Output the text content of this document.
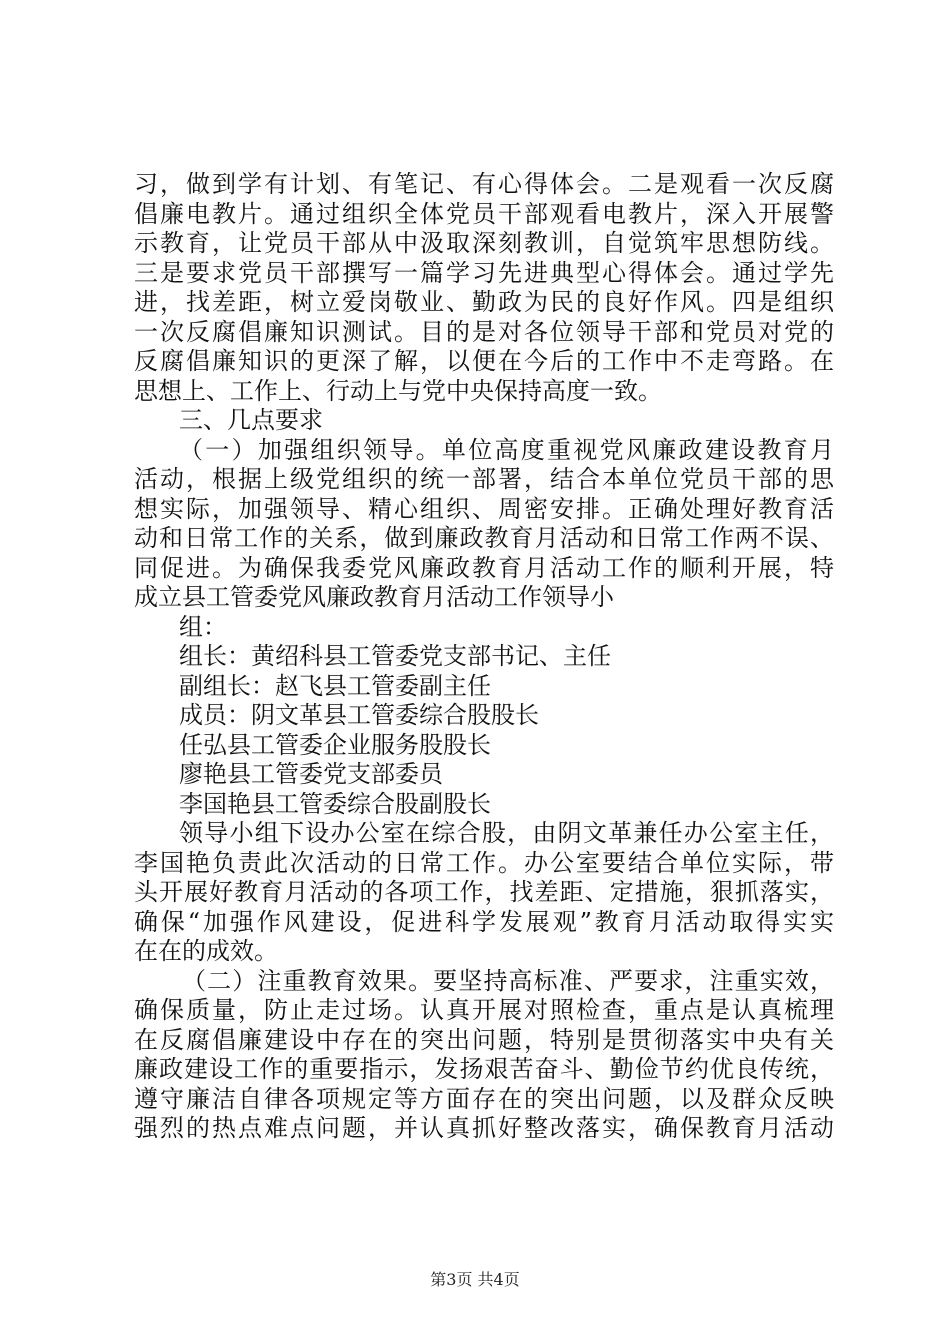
习，做到学有计划、有笔记、有心得体会。二是观看一次反腐
倡廉电教片。通过组织全体党员干部观看电教片，深入开展警
示教育，让党员干部从中汲取深刻教训，自觉筑牢思想防线。
三是要求党员干部撰写一篇学习先进典型心得体会。通过学先
进，找差距，树立爱岗敬业、勤政为民的良好作风。四是组织
一次反腐倡廉知识测试。目的是对各位领导干部和党员对党的
反腐倡廉知识的更深了解，以便在今后的工作中不走弯路。在
思想上、工作上、行动上与党中央保持高度一致。
三、几点要求
（一）加强组织领导。单位高度重视党风廉政建设教育月
活动，根据上级党组织的统一部署，结合本单位党员干部的思
想实际，加强领导、精心组织、周密安排。正确处理好教育活
动和日常工作的关系，做到廉政教育月活动和日常工作两不误、
同促进。为确保我委党风廉政教育月活动工作的顺利开展，特
成立县工管委党风廉政教育月活动工作领导小
组：
组长：黄绍科县工管委党支部书记、主任
副组长：赵飞县工管委副主任
成员：阴文革县工管委综合股股长
任弘县工管委企业服务股股长
廖艳县工管委党支部委员
李国艳县工管委综合股副股长
领导小组下设办公室在综合股，由阴文革兼任办公室主任，
李国艳负责此次活动的日常工作。办公室要结合单位实际，带
头开展好教育月活动的各项工作，找差距、定措施，狠抓落实，
确保“加强作风建设，促进科学发展观”教育月活动取得实实
在在的成效。
（二）注重教育效果。要坚持高标准、严要求，注重实效，
确保质量，防止走过场。认真开展对照检查，重点是认真梳理
在反腐倡廉建设中存在的突出问题，特别是贯彻落实中央有关
廉政建设工作的重要指示，发扬艰苦奋斗、勤俭节约优良传统，
遵守廉洁自律各项规定等方面存在的突出问题，以及群众反映
强烈的热点难点问题，并认真抓好整改落实，确保教育月活动
第3页 共4页
